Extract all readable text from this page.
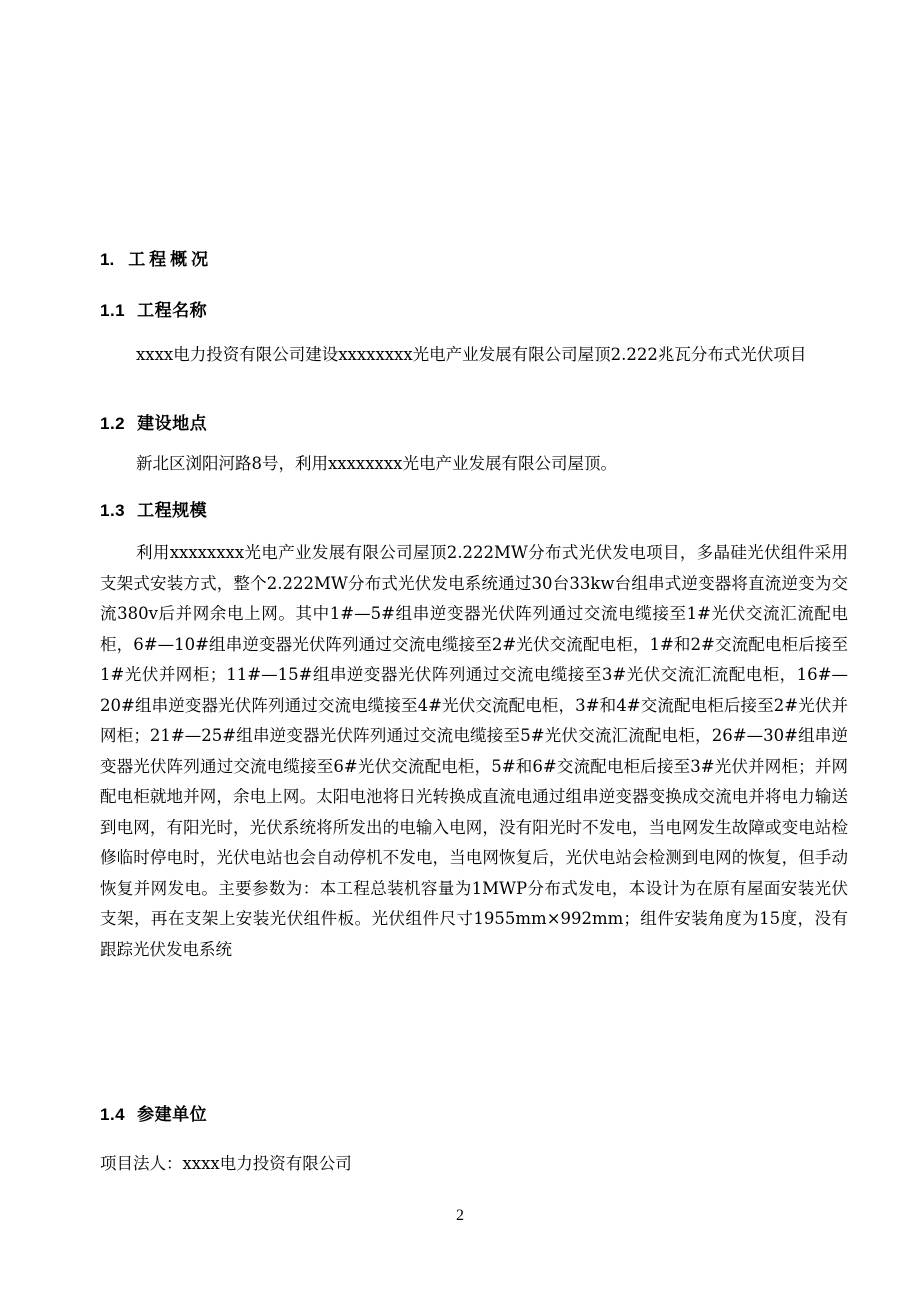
1. 工程概况
1.1 工程名称

xxxx电力投资有限公司建设xxxxxxxx光电产业发展有限公司屋顶2.222兆瓦分布式光伏项目

1.2 建设地点

新北区浏阳河路8号，利用xxxxxxxx光电产业发展有限公司屋顶。

1.3 工程规模

利用xxxxxxxx光电产业发展有限公司屋顶2.222MW分布式光伏发电项目，多晶硅光伏组件采用支架式安装方式，整个2.222MW分布式光伏发电系统通过30台33kw台组串式逆变器将直流逆变为交流380v后并网余电上网。其中1#—5#组串逆变器光伏阵列通过交流电缆接至1#光伏交流汇流配电柜，6#—10#组串逆变器光伏阵列通过交流电缆接至2#光伏交流配电柜，1#和2#交流配电柜后接至1#光伏并网柜；11#—15#组串逆变器光伏阵列通过交流电缆接至3#光伏交流汇流配电柜，16#—20#组串逆变器光伏阵列通过交流电缆接至4#光伏交流配电柜，3#和4#交流配电柜后接至2#光伏并网柜；21#—25#组串逆变器光伏阵列通过交流电缆接至5#光伏交流汇流配电柜，26#—30#组串逆变器光伏阵列通过交流电缆接至6#光伏交流配电柜，5#和6#交流配电柜后接至3#光伏并网柜；并网配电柜就地并网，余电上网。太阳电池将日光转换成直流电通过组串逆变器变换成交流电并将电力输送到电网，有阳光时，光伏系统将所发出的电输入电网，没有阳光时不发电，当电网发生故障或变电站检修临时停电时，光伏电站也会自动停机不发电，当电网恢复后，光伏电站会检测到电网的恢复，但手动恢复并网发电。主要参数为：本工程总装机容量为1MWP分布式发电，本设计为在原有屋面安装光伏支架，再在支架上安装光伏组件板。光伏组件尺寸1955mm×992mm；组件安装角度为15度，没有跟踪光伏发电系统

1.4 参建单位

项目法人：xxxx电力投资有限公司

2
